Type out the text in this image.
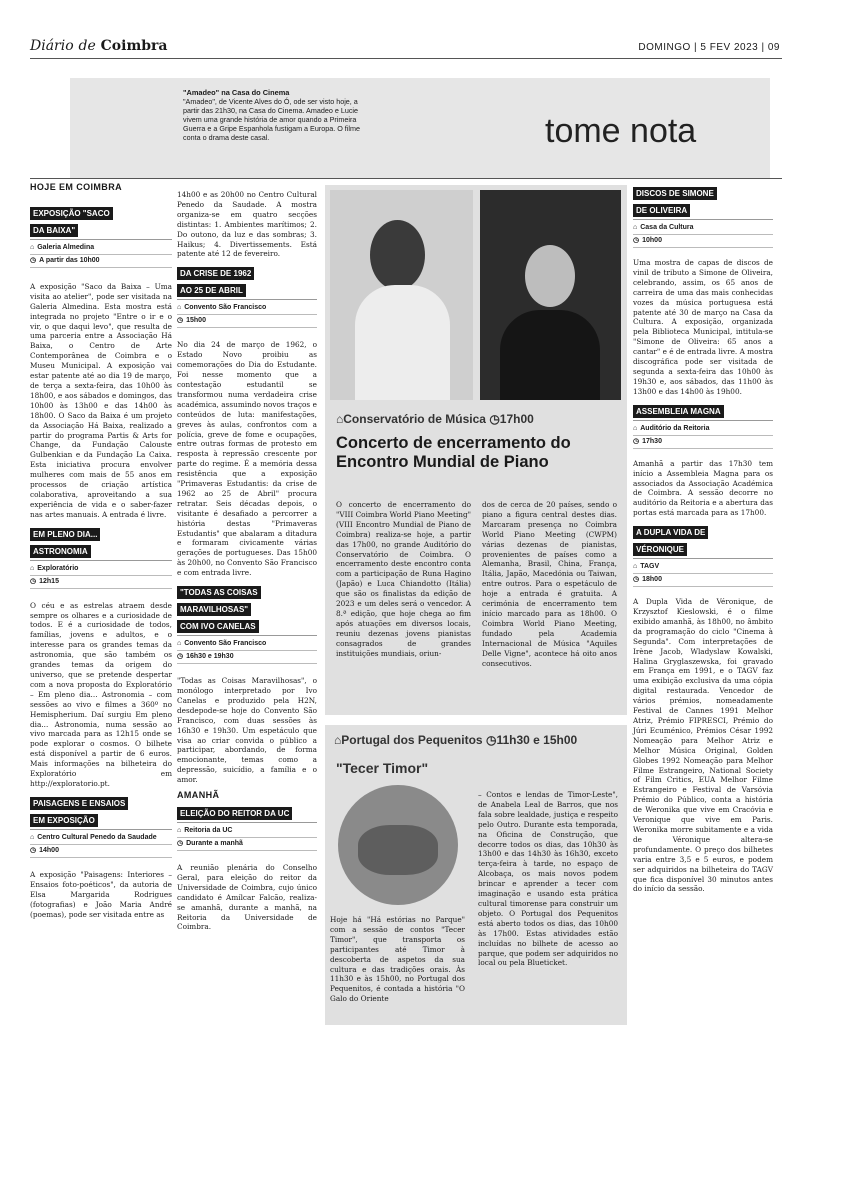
Diário de Coimbra	DOMINGO | 5 FEV 2023 | 09
"Amadeo" na Casa do Cinema
"Amadeo", de Vicente Alves do Ó, ode ser visto hoje, a partir das 21h30, na Casa do Cinema. Amadeo e Lucie vivem uma grande história de amor quando a Primeira Guerra e a Gripe Espanhola fustigam a Europa. O filme conta o drama deste casal.	tome nota
HOJE EM COIMBRA
EXPOSIÇÃO "SACO
DA BAIXA"
⌂ Galeria Almedina
◷ A partir das 10h00

A exposição "Saco da Baixa – Uma visita ao atelier", pode ser visitada na Galeria Almedina. Esta mostra está integrada no projeto "Entre o ir e o vir, o que daqui levo", que resulta de uma parceria entre a Associação Há Baixa, o Centro de Arte Contemporânea de Coimbra e o Museu Municipal. A exposição vai estar patente até ao dia 19 de março, de terça a sexta-feira, das 10h00 às 18h00, e aos sábados e domingos, das 10h00 às 13h00 e das 14h00 às 18h00. O Saco da Baixa é um projeto da Associação Há Baixa, realizado a partir do programa Partis & Arts for Change, da Fundação Calouste Gulbenkian e da Fundação La Caixa. Esta iniciativa procura envolver mulheres com mais de 55 anos em processos de criação artística colaborativa, aproveitando a sua experiência de vida e o saber-fazer nas artes manuais. A entrada é livre.

EM PLENO DIA...
ASTRONOMIA
⌂ Exploratório
◷ 12h15

O céu e as estrelas atraem desde sempre os olhares e a curiosidade de todos. E é a curiosidade de todos, famílias, jovens e adultos, e o interesse para os grandes temas da astronomia, que são também os grandes temas da origem do universo, que se pretende despertar com a nova proposta do Exploratório – Em pleno dia... Astronomia – com sessões ao vivo e filmes a 360º no Hemispherium. Daí surgiu Em pleno dia... Astronomia, numa sessão ao vivo marcada para as 12h15 onde se pode explorar o cosmos. O bilhete está disponível a partir de 6 euros. Mais informações na bilheteira do Exploratório em http://exploratorio.pt.

PAISAGENS E ENSAIOS
EM EXPOSIÇÃO
⌂ Centro Cultural Penedo da Saudade
◷ 14h00

A exposição "Paisagens: Interiores – Ensaios foto-poéticos", da autoria de Elsa Margarida Rodrigues (fotografias) e João Maria André (poemas), pode ser visitada entre as

14h00 e as 20h00 no Centro Cultural Penedo da Saudade. A mostra organiza-se em quatro secções distintas: 1. Ambientes marítimos; 2. Do outono, da luz e das sombras; 3. Haikus; 4. Divertissements. Está patente até 12 de fevereiro.

DA CRISE DE 1962
AO 25 DE ABRIL
⌂ Convento São Francisco
◷ 15h00

No dia 24 de março de 1962, o Estado Novo proibiu as comemorações do Dia do Estudante. Foi nesse momento que a contestação estudantil se transformou numa verdadeira crise académica, assumindo novos traços e conteúdos de luta: manifestações, greves às aulas, confrontos com a polícia, greve de fome e ocupações, entre outras formas de protesto em resposta à repressão crescente por parte do regime. É a memória dessa resistência que a exposição "Primaveras Estudantis: da crise de 1962 ao 25 de Abril" procura retratar. Seis décadas depois, o visitante é desafiado a percorrer a história destas "Primaveras Estudantis" que abalaram a ditadura e formaram civicamente várias gerações de portugueses. Das 15h00 às 20h00, no Convento São Francisco e com entrada livre.

"TODAS AS COISAS
MARAVILHOSAS"
COM IVO CANELAS
⌂ Convento São Francisco
◷ 16h30 e 19h30

"Todas as Coisas Maravilhosas", o monólogo interpretado por Ivo Canelas e produzido pela H2N, desdepode-se hoje do Convento São Francisco, com duas sessões às 16h30 e 19h30. Um espetáculo que visa ao criar convida o público a participar, abordando, de forma emocionante, temas como a depressão, suicídio, a família e o amor.

AMANHÃ
ELEIÇÃO DO REITOR DA UC
⌂ Reitoria da UC
◷ Durante a manhã

A reunião plenária do Conselho Geral, para eleição do reitor da Universidade de Coimbra, cujo único candidato é Amílcar Falcão, realiza-se amanhã, durante a manhã, na Reitoria da Universidade de Coimbra.

⌂Conservatório de Música ◷17h00
Concerto de encerramento do Encontro Mundial de Piano
O concerto de encerramento do "VIII Coimbra World Piano Meeting" (VIII Encontro Mundial de Piano de Coimbra) realiza-se hoje, a partir das 17h00, no grande Auditório do Conservatório de Coimbra. O encerramento deste encontro conta com a participação de Runa Hagino (Japão) e Luca Chiandotto (Itália) que são os finalistas da edição de 2023 e um deles será o vencedor. A 8.ª edição, que hoje chega ao fim após atuações em diversos locais, reuniu dezenas jovens pianistas consagrados de grandes instituições mundiais, oriun-
dos de cerca de 20 países, sendo o piano a figura central destes dias. Marcaram presença no Coimbra World Piano Meeting (CWPM) várias dezenas de pianistas, provenientes de países como a Alemanha, Brasil, China, França, Itália, Japão, Macedónia ou Taiwan, entre outros. Para o espetáculo de hoje a entrada é gratuita. A cerimónia de encerramento tem início marcado para as 18h00. O Coimbra World Piano Meeting, fundado pela Academia Internacional de Música "Aquiles Delle Vigne", acontece há oito anos consecutivos.
⌂Portugal dos Pequenitos ◷11h30 e 15h00
"Tecer Timor"
Hoje há "Há estórias no Parque" com a sessão de contos "Tecer Timor", que transporta os participantes até Timor à descoberta de aspetos da sua cultura e das tradições orais. Às 11h30 e às 15h00, no Portugal dos Pequenitos, é contada a história "O Galo do Oriente
– Contos e lendas de Timor-Leste", de Anabela Leal de Barros, que nos fala sobre lealdade, justiça e respeito pelo Outro. Durante esta temporada, na Oficina de Construção, que decorre todos os dias, das 10h30 às 13h00 e das 14h30 às 16h30, exceto terça-feira à tarde, no espaço de Alcobaça, os mais novos podem brincar e aprender a tecer com imaginação e usando esta prática cultural timorense para construir um objeto. O Portugal dos Pequenitos está aberto todos os dias, das 10h00 às 17h00. Estas atividades estão incluídas no bilhete de acesso ao parque, que podem ser adquiridos no local ou pela Blueticket.
DISCOS DE SIMONE
DE OLIVEIRA
⌂ Casa da Cultura
◷ 10h00

Uma mostra de capas de discos de vinil de tributo a Simone de Oliveira, celebrando, assim, os 65 anos de carreira de uma das mais conhecidas vozes da música portuguesa está patente até 30 de março na Casa da Cultura. A exposição, organizada pela Biblioteca Municipal, intitula-se "Simone de Oliveira: 65 anos a cantar" e é de entrada livre. A mostra discográfica pode ser visitada de segunda a sexta-feira das 10h00 às 19h30 e, aos sábados, das 11h00 às 13h00 e das 14h00 às 19h00.

ASSEMBLEIA MAGNA
⌂ Auditório da Reitoria
◷ 17h30

Amanhã a partir das 17h30 tem início a Assembleia Magna para os associados da Associação Académica de Coimbra. A sessão decorre no auditório da Reitoria e a abertura das portas está marcada para as 17h00.

A DUPLA VIDA DE
VÉRONIQUE
⌂ TAGV
◷ 18h00

A Dupla Vida de Véronique, de Krzysztof Kieslowski, é o filme exibido amanhã, às 18h00, no âmbito da programação do ciclo "Cinema à Segunda". Com interpretações de Irène Jacob, Wladyslaw Kowalski, Halina Gryglaszewska, foi gravado em França em 1991, e o TAGV faz uma exibição exclusiva da uma cópia digital restaurada. Vencedor de vários prémios, nomeadamente Festival de Cannes 1991 Melhor Atriz, Prémio FIPRESCI, Prémio do Júri Ecuménico, Prémios César 1992 Nomeação para Melhor Atriz e Melhor Música Original, Golden Globes 1992 Nomeação para Melhor Filme Estrangeiro, National Society of Film Critics, EUA Melhor Filme Estrangeiro e Festival de Varsóvia Prémio do Público, conta a história de Weronika que vive em Cracóvia e Veronique que vive em Paris. Weronika morre subitamente e a vida de Véronique altera-se profundamente. O preço dos bilhetes varia entre 3,5 e 5 euros, e podem ser adquiridos na bilheteira do TAGV que fica disponível 30 minutos antes do início da sessão.
